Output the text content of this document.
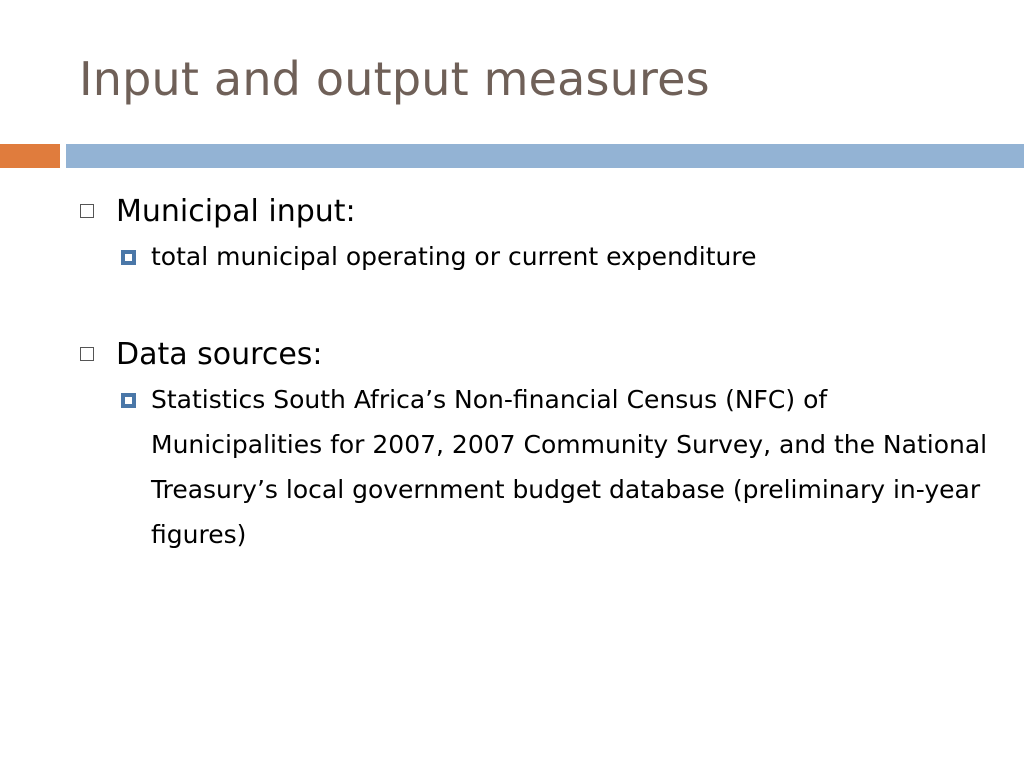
Input and output measures
Municipal input:
total municipal operating or current expenditure
Data sources:
Statistics South Africa’s Non-financial Census (NFC) of Municipalities for 2007, 2007 Community Survey, and the National Treasury’s local government budget database (preliminary in-year figures)
